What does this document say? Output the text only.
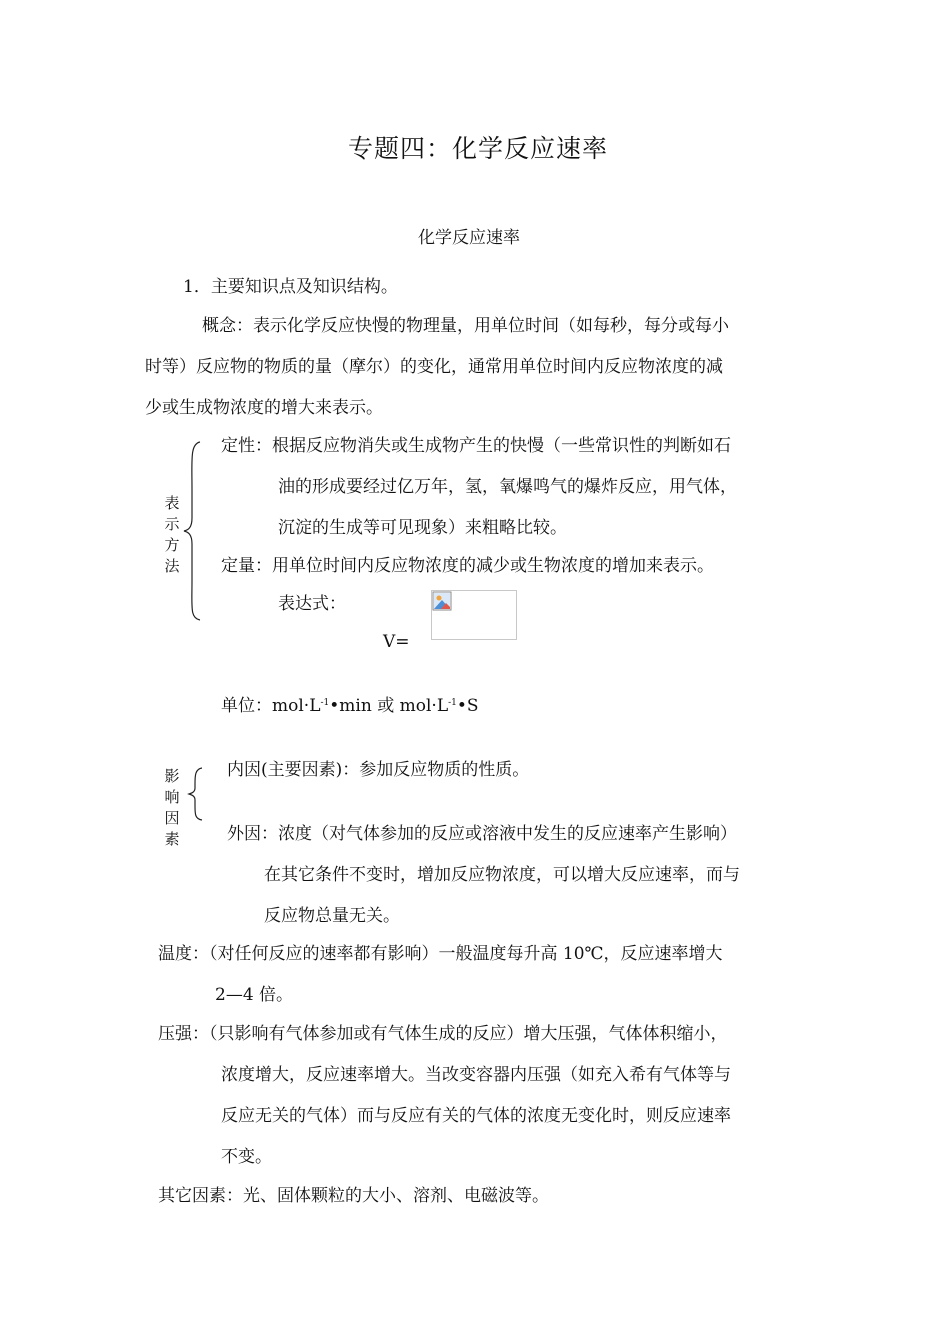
专题四：化学反应速率
化学反应速率
1．主要知识点及知识结构。
概念：表示化学反应快慢的物理量，用单位时间（如每秒，每分或每小
时等）反应物的物质的量（摩尔）的变化，通常用单位时间内反应物浓度的减
少或生成物浓度的增大来表示。
表
示
方
法
定性：根据反应物消失或生成物产生的快慢（一些常识性的判断如石
油的形成要经过亿万年，氢，氧爆鸣气的爆炸反应，用气体，
沉淀的生成等可见现象）来粗略比较。
定量：用单位时间内反应物浓度的减少或生物浓度的增加来表示。
表达式：
V=
单位：$mol\cdot L^{-1}•\min$ 或 $mol\cdot L^{-1}•S$
影
响
因
素
内因(主要因素)：参加反应物质的性质。
外因：浓度（对气体参加的反应或溶液中发生的反应速率产生影响）
在其它条件不变时，增加反应物浓度，可以增大反应速率，而与
反应物总量无关。
温度：（对任何反应的速率都有影响）一般温度每升高 10℃，反应速率增大
2—4 倍。
压强：（只影响有气体参加或有气体生成的反应）增大压强，气体体积缩小，
浓度增大，反应速率增大。当改变容器内压强（如充入希有气体等与
反应无关的气体）而与反应有关的气体的浓度无变化时，则反应速率
不变。
其它因素：光、固体颗粒的大小、溶剂、电磁波等。
